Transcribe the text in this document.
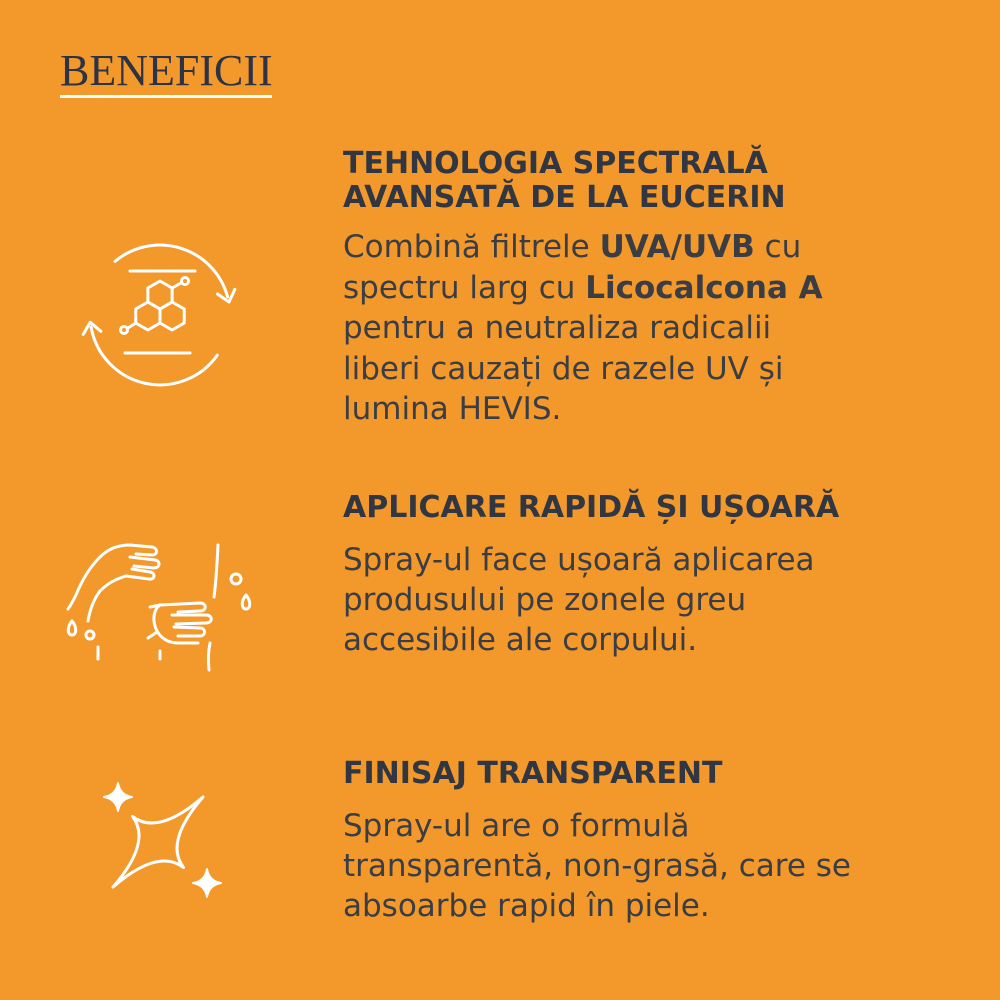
BENEFICII
TEHNOLOGIA SPECTRALĂ
AVANSATĂ DE LA EUCERIN
Combină filtrele UVA/UVB cu
spectru larg cu Licocalcona A
pentru a neutraliza radicalii
liberi cauzați de razele UV și
lumina HEVIS.
APLICARE RAPIDĂ ȘI UȘOARĂ
Spray-ul face ușoară aplicarea
produsului pe zonele greu
accesibile ale corpului.
FINISAJ TRANSPARENT
Spray-ul are o formulă
transparentă, non-grasă, care se
absoarbe rapid în piele.
